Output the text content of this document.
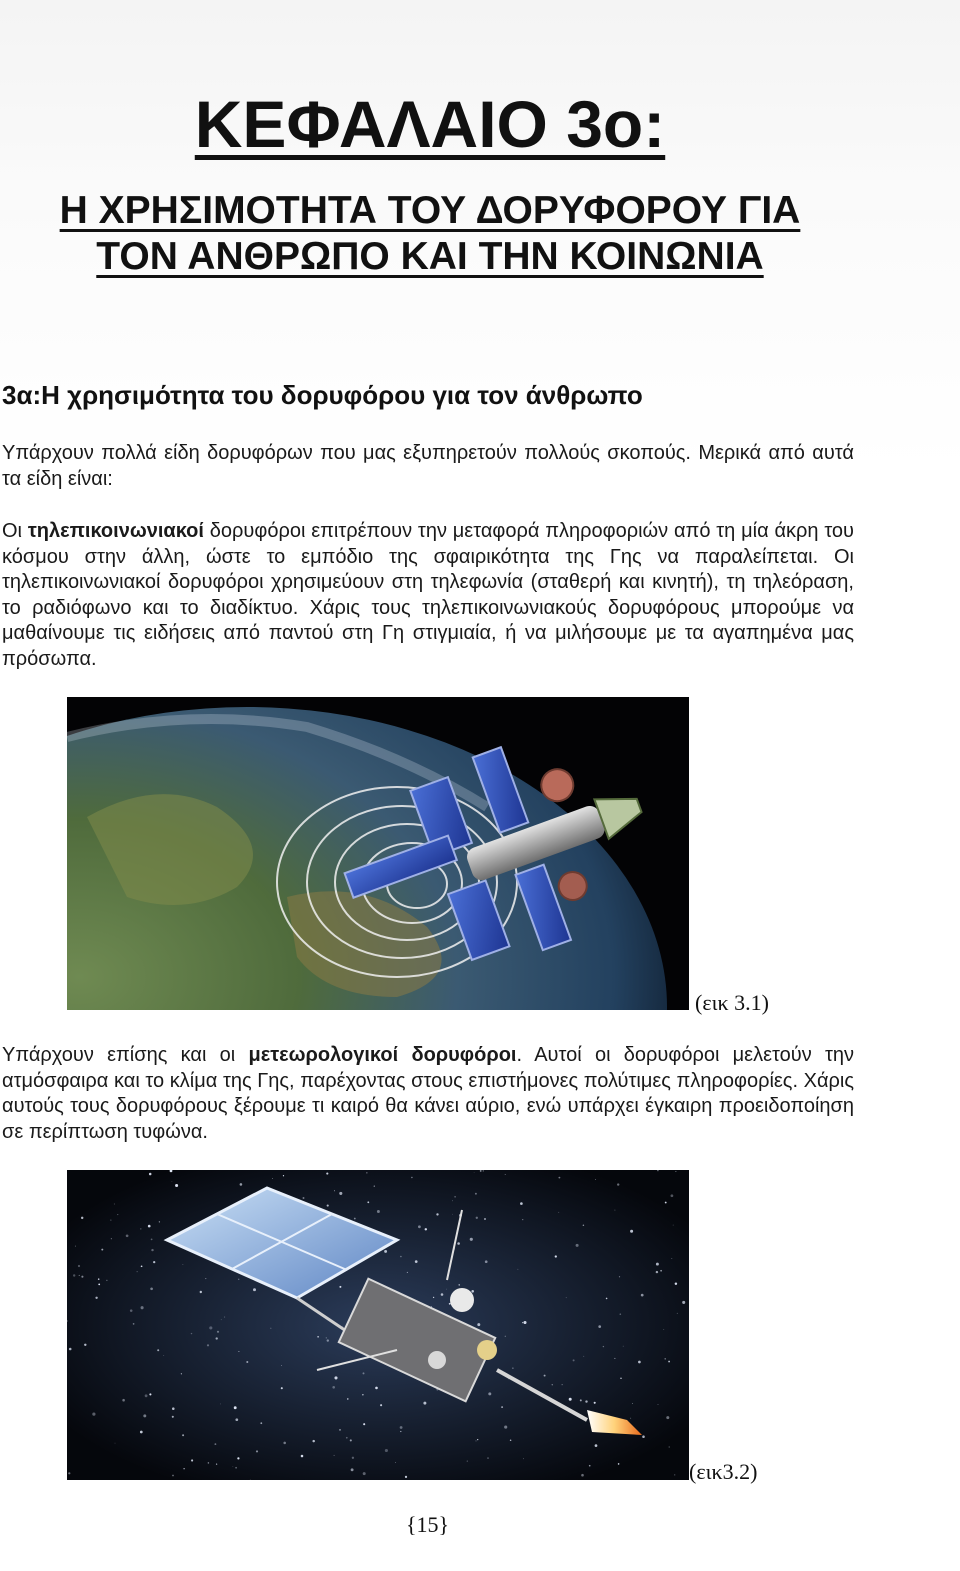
ΚΕΦΑΛΑΙΟ 3ο:
Η ΧΡΗΣΙΜΟΤΗΤΑ ΤΟΥ ΔΟΡΥΦΟΡΟΥ ΓΙΑ
ΤΟΝ ΑΝΘΡΩΠΟ ΚΑΙ ΤΗΝ ΚΟΙΝΩΝΙΑ
3α:Η χρησιμότητα του δορυφόρου για τον άνθρωπο

Υπάρχουν πολλά είδη δορυφόρων που μας εξυπηρετούν πολλούς σκοπούς. Μερικά από αυτά τα είδη είναι:

Οι τηλεπικοινωνιακοί δορυφόροι επιτρέπουν την μεταφορά πληροφοριών από τη μία άκρη του κόσμου στην άλλη, ώστε το εμπόδιο της σφαιρικότητα της Γης να παραλείπεται. Οι τηλεπικοινωνιακοί δορυφόροι χρησιμεύουν στη τηλεφωνία (σταθερή και κινητή), τη τηλεόραση, το ραδιόφωνο και το διαδίκτυο. Χάρις τους τηλεπικοινωνιακούς δορυφόρους μπορούμε να μαθαίνουμε τις ειδήσεις από παντού στη Γη στιγμιαία, ή να μιλήσουμε με τα αγαπημένα μας πρόσωπα.

(εικ 3.1)

Υπάρχουν επίσης και οι μετεωρολογικοί δορυφόροι. Αυτοί οι δορυφόροι μελετούν την ατμόσφαιρα και το κλίμα της Γης, παρέχοντας στους επιστήμονες πολύτιμες πληροφορίες. Χάρις αυτούς τους δορυφόρους ξέρουμε τι καιρό θα κάνει αύριο, ενώ υπάρχει έγκαιρη προειδοποίηση σε περίπτωση τυφώνα.

(εικ3.2)
{15}
